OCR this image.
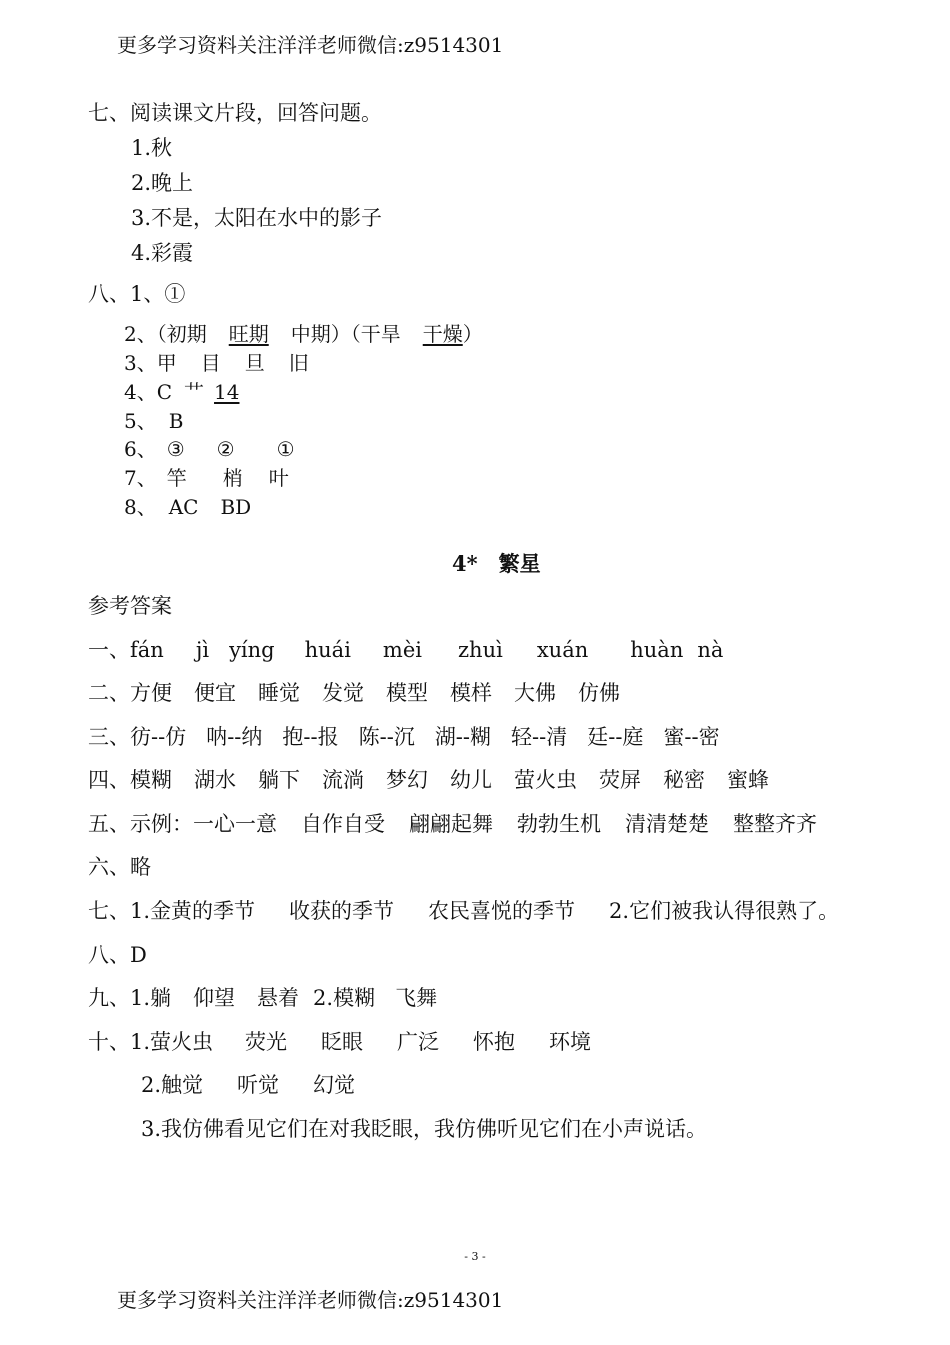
更多学习资料关注洋洋老师微信:z9514301
七、阅读课文片段，回答问题。
1.秋
2.晚上
3.不是，太阳在水中的影子
4.彩霞
八、1、①
2、（初期 旺期 中期）（干旱 干燥）
3、甲 目 旦 旧
4、C 艹 14
5、 B
6、 ③ ② ①
7、 竿 梢 叶
8、 AC BD
4*　繁星
参考答案
一、fán jì yíng huái mèi zhuì xuán huàn nà
二、方便 便宜 睡觉 发觉 模型 模样 大佛 仿佛
三、彷--仿 呐--纳 抱--报 陈--沉 湖--糊 轻--清 廷--庭 蜜--密
四、模糊 湖水 躺下 流淌 梦幻 幼儿 萤火虫 荧屏 秘密 蜜蜂
五、示例：一心一意 自作自受 翩翩起舞 勃勃生机 清清楚楚 整整齐齐
六、略
七、1.金黄的季节 收获的季节 农民喜悦的季节 2.它们被我认得很熟了。
八、D
九、1.躺 仰望 悬着 2.模糊 飞舞
十、1.萤火虫 荧光 眨眼 广泛 怀抱 环境
2.触觉 听觉 幻觉
3.我仿佛看见它们在对我眨眼，我仿佛听见它们在小声说话。
- 3 -
更多学习资料关注洋洋老师微信:z9514301
